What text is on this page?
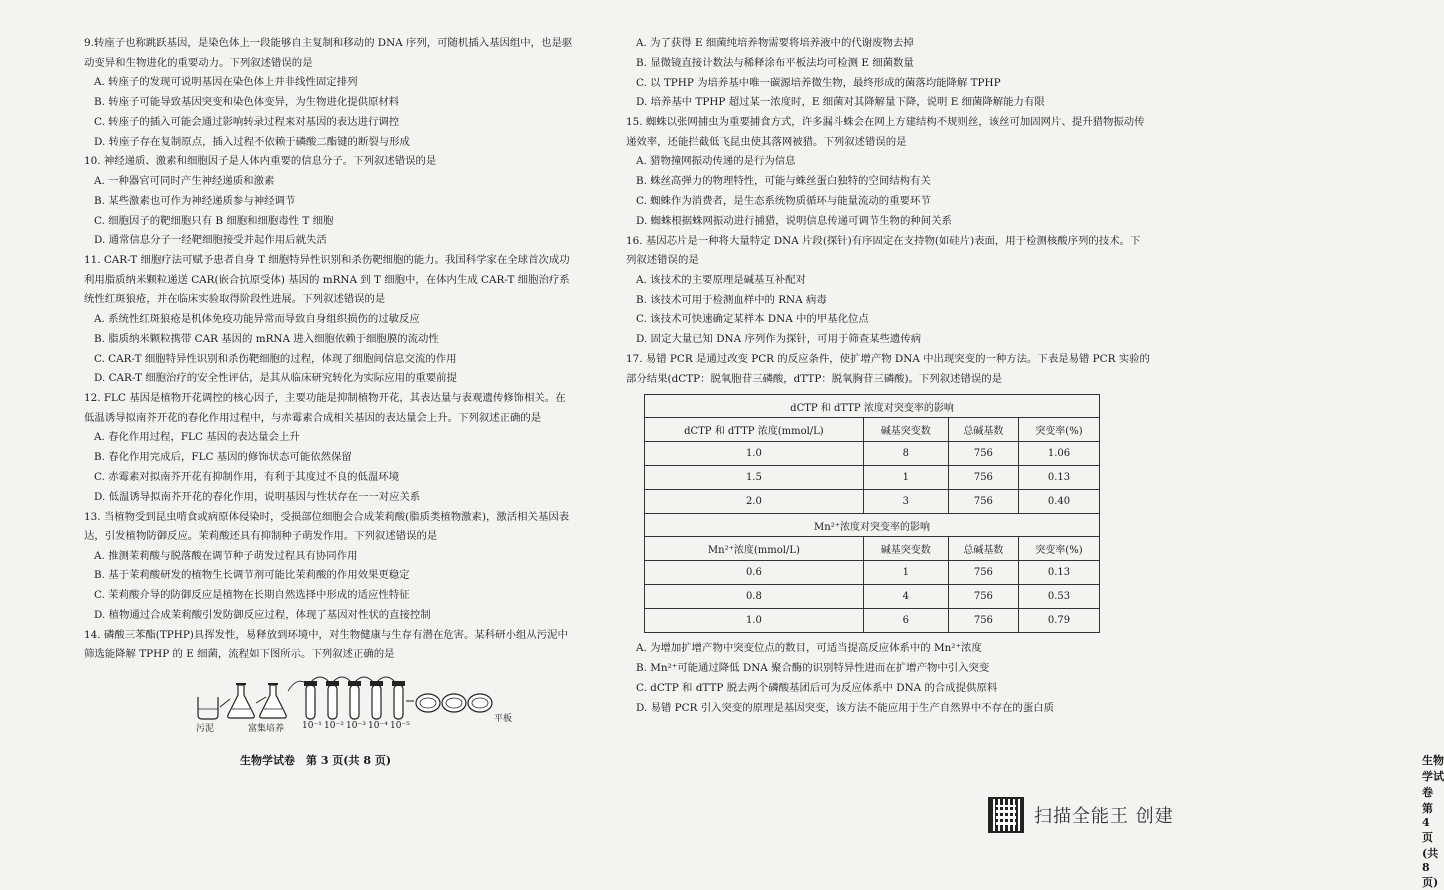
9.转座子也称跳跃基因，是染色体上一段能够自主复制和移动的 DNA 序列，可随机插入基因组中，也是驱动变异和生物进化的重要动力。下列叙述错误的是

A. 转座子的发现可说明基因在染色体上并非线性固定排列

B. 转座子可能导致基因突变和染色体变异，为生物进化提供原材料

C. 转座子的插入可能会通过影响转录过程来对基因的表达进行调控

D. 转座子存在复制原点，插入过程不依赖于磷酸二酯键的断裂与形成

10. 神经递质、激素和细胞因子是人体内重要的信息分子。下列叙述错误的是

A. 一种器官可同时产生神经递质和激素

B. 某些激素也可作为神经递质参与神经调节

C. 细胞因子的靶细胞只有 B 细胞和细胞毒性 T 细胞

D. 通常信息分子一经靶细胞接受并起作用后就失活

11. CAR-T 细胞疗法可赋予患者自身 T 细胞特异性识别和杀伤靶细胞的能力。我国科学家在全球首次成功利用脂质纳米颗粒递送 CAR(嵌合抗原受体) 基因的 mRNA 到 T 细胞中，在体内生成 CAR-T 细胞治疗系统性红斑狼疮，并在临床实验取得阶段性进展。下列叙述错误的是

A. 系统性红斑狼疮是机体免疫功能异常而导致自身组织损伤的过敏反应

B. 脂质纳米颗粒携带 CAR 基因的 mRNA 进入细胞依赖于细胞膜的流动性

C. CAR-T 细胞特异性识别和杀伤靶细胞的过程，体现了细胞间信息交流的作用

D. CAR-T 细胞治疗的安全性评估，是其从临床研究转化为实际应用的重要前提

12. FLC 基因是植物开花调控的核心因子，主要功能是抑制植物开花，其表达量与表观遗传修饰相关。在低温诱导拟南芥开花的春化作用过程中，与赤霉素合成相关基因的表达量会上升。下列叙述正确的是

A. 春化作用过程，FLC 基因的表达量会上升

B. 春化作用完成后，FLC 基因的修饰状态可能依然保留

C. 赤霉素对拟南芥开花有抑制作用，有利于其度过不良的低温环境

D. 低温诱导拟南芥开花的春化作用，说明基因与性状存在一一对应关系

13. 当植物受到昆虫啃食或病原体侵染时，受损部位细胞会合成茉莉酸(脂质类植物激素)，激活相关基因表达，引发植物防御反应。茉莉酸还具有抑制种子萌发作用。下列叙述错误的是

A. 推测茉莉酸与脱落酸在调节种子萌发过程具有协同作用

B. 基于茉莉酸研发的植物生长调节剂可能比茉莉酸的作用效果更稳定

C. 茉莉酸介导的防御反应是植物在长期自然选择中形成的适应性特征

D. 植物通过合成茉莉酸引发防御反应过程，体现了基因对性状的直接控制

14. 磷酸三苯酯(TPHP)具挥发性，易释放到环境中，对生物健康与生存有潜在危害。某科研小组从污泥中筛选能降解 TPHP 的 E 细菌，流程如下图所示。下列叙述正确的是

污泥	富集培养 10⁻¹ 10⁻² 10⁻³ 10⁻⁴ 10⁻⁵
平板
生物学试卷　第 3 页(共 8 页)

A. 为了获得 E 细菌纯培养物需要将培养液中的代谢废物去掉

B. 显微镜直接计数法与稀释涂布平板法均可检测 E 细菌数量

C. 以 TPHP 为培养基中唯一碳源培养微生物，最终形成的菌落均能降解 TPHP

D. 培养基中 TPHP 超过某一浓度时，E 细菌对其降解量下降，说明 E 细菌降解能力有限

15. 蜘蛛以张网捕虫为重要捕食方式，许多漏斗蛛会在网上方建结构不规则丝，该丝可加固网片、提升猎物振动传递效率，还能拦截低飞昆虫使其落网被猎。下列叙述错误的是

A. 猎物撞网振动传递的是行为信息

B. 蛛丝高弹力的物理特性，可能与蛛丝蛋白独特的空间结构有关

C. 蜘蛛作为消费者，是生态系统物质循环与能量流动的重要环节

D. 蜘蛛根据蛛网振动进行捕猎，说明信息传递可调节生物的种间关系

16. 基因芯片是一种将大量特定 DNA 片段(探针)有序固定在支持物(如硅片)表面，用于检测核酸序列的技术。下列叙述错误的是

A. 该技术的主要原理是碱基互补配对

B. 该技术可用于检测血样中的 RNA 病毒

C. 该技术可快速确定某样本 DNA 中的甲基化位点

D. 固定大量已知 DNA 序列作为探针，可用于筛查某些遗传病

17. 易错 PCR 是通过改变 PCR 的反应条件，使扩增产物 DNA 中出现突变的一种方法。下表是易错 PCR 实验的部分结果(dCTP：脱氧胞苷三磷酸，dTTP：脱氧胸苷三磷酸)。下列叙述错误的是

dCTP 和 dTTP 浓度对突变率的影响			
dCTP 和 dTTP 浓度(mmol/L)	碱基突变数	总碱基数	突变率(%)
1.0	8	756	1.06
1.5	1	756	0.13
2.0	3	756	0.40
Mn²⁺浓度对突变率的影响			
Mn²⁺浓度(mmol/L)	碱基突变数	总碱基数	突变率(%)
0.6	1	756	0.13
0.8	4	756	0.53
1.0	6	756	0.79

A. 为增加扩增产物中突变位点的数目，可适当提高反应体系中的 Mn²⁺浓度

B. Mn²⁺可能通过降低 DNA 聚合酶的识别特异性进而在扩增产物中引入突变

C. dCTP 和 dTTP 脱去两个磷酸基团后可为反应体系中 DNA 的合成提供原料

D. 易错 PCR 引入突变的原理是基因突变，该方法不能应用于生产自然界中不存在的蛋白质

生物学试卷　第 4 页(共 8 页)
扫描全能王 创建
